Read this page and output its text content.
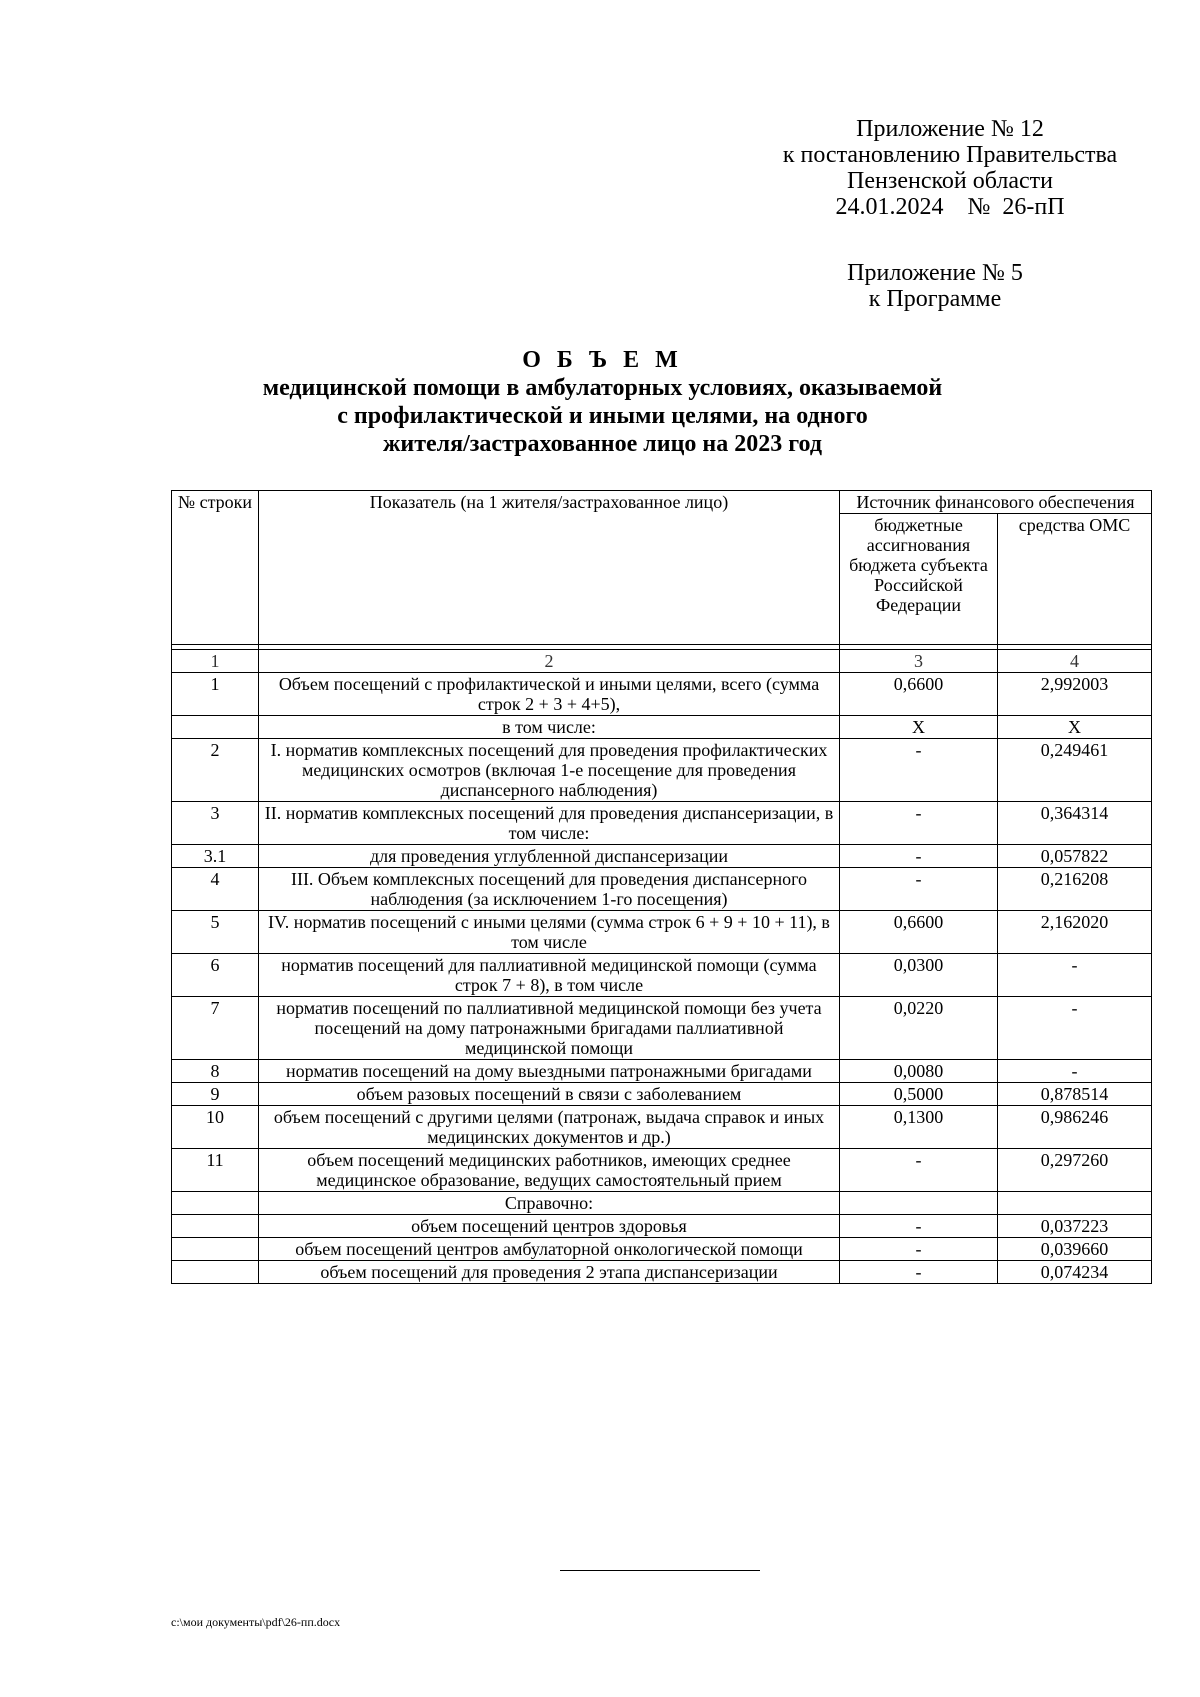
Приложение № 12
к постановлению Правительства
Пензенской области
24.01.2024    №  26-пП
Приложение № 5
к Программе
О Б Ъ Е М
медицинской помощи в амбулаторных условиях, оказываемой
с профилактической и иными целями, на одного
жителя/застрахованное лицо на 2023 год
№ строки	Показатель (на 1 жителя/застрахованное лицо)	Источник финансового обеспечения	
		бюджетные ассигнования бюджета субъекта Российской Федерации	средства ОМС

1	2	3	4
1	Объем посещений с профилактической и иными целями, всего (сумма строк 2 + 3 + 4+5),	0,6600	2,992003
	в том числе:	Х	Х
2	I. норматив комплексных посещений для проведения профилактических медицинских осмотров (включая 1-е посещение для проведения диспансерного наблюдения)	-	0,249461
3	II. норматив комплексных посещений для проведения диспансеризации, в том числе:	-	0,364314
3.1	для проведения углубленной диспансеризации	-	0,057822
4	III. Объем комплексных посещений для проведения диспансерного наблюдения (за исключением 1-го посещения)	-	0,216208
5	IV. норматив посещений с иными целями (сумма строк 6 + 9 + 10 + 11), в том числе	0,6600	2,162020
6	норматив посещений для паллиативной медицинской помощи (сумма строк 7 + 8), в том числе	0,0300	-
7	норматив посещений по паллиативной медицинской помощи без учета посещений на дому патронажными бригадами паллиативной медицинской помощи	0,0220	-
8	норматив посещений на дому выездными патронажными бригадами	0,0080	-
9	объем разовых посещений в связи с заболеванием	0,5000	0,878514
10	объем посещений с другими целями (патронаж, выдача справок и иных медицинских документов и др.)	0,1300	0,986246
11	объем посещений медицинских работников, имеющих среднее медицинское образование, ведущих самостоятельный прием	-	0,297260
	Справочно:		
	объем посещений центров здоровья	-	0,037223
	объем посещений центров амбулаторной онкологической помощи	-	0,039660
	объем посещений для проведения 2 этапа диспансеризации	-	0,074234
c:\мои документы\pdf\26-пп.docx
